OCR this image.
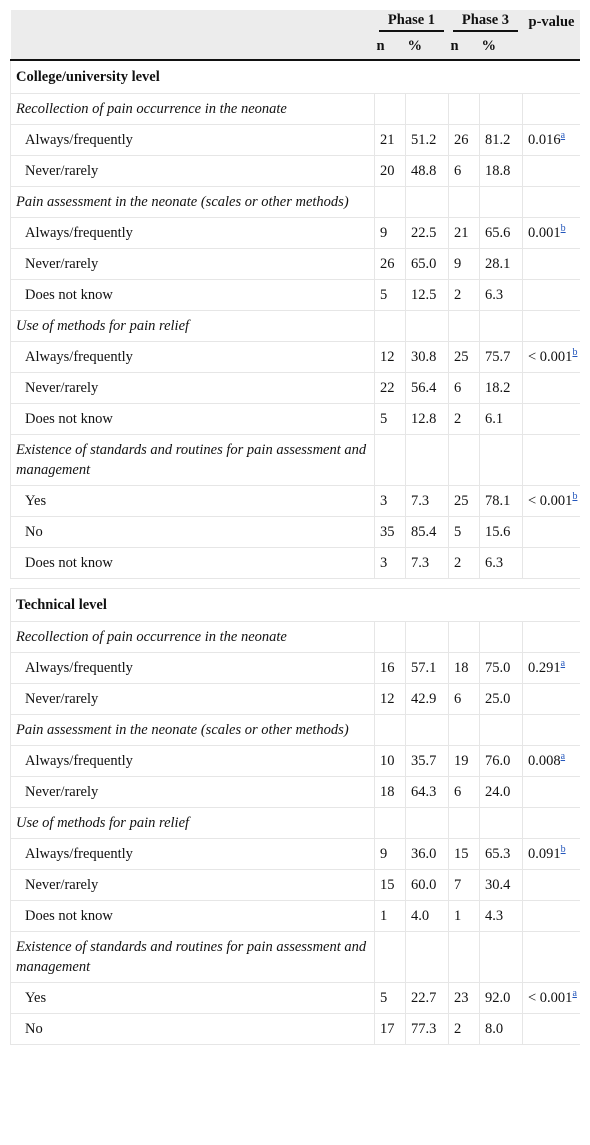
	Phase 1		Phase 3		p-value
	n	%	n	%	
College/university level					
Recollection of pain occurrence in the neonate					
Always/frequently	21	51.2	26	81.2	0.016$^a$
Never/rarely	20	48.8	6	18.8	
Pain assessment in the neonate (scales or other methods)					
Always/frequently	9	22.5	21	65.6	0.001$^b$
Never/rarely	26	65.0	9	28.1	
Does not know	5	12.5	2	6.3	
Use of methods for pain relief					
Always/frequently	12	30.8	25	75.7	< 0.001$^b$
Never/rarely	22	56.4	6	18.2	
Does not know	5	12.8	2	6.1	
Existence of standards and routines for pain assessment and management					
Yes	3	7.3	25	78.1	< 0.001$^b$
No	35	85.4	5	15.6	
Does not know	3	7.3	2	6.3	

Technical level					
Recollection of pain occurrence in the neonate					
Always/frequently	16	57.1	18	75.0	0.291$^a$
Never/rarely	12	42.9	6	25.0	
Pain assessment in the neonate (scales or other methods)					
Always/frequently	10	35.7	19	76.0	0.008$^a$
Never/rarely	18	64.3	6	24.0	
Use of methods for pain relief					
Always/frequently	9	36.0	15	65.3	0.091$^b$
Never/rarely	15	60.0	7	30.4	
Does not know	1	4.0	1	4.3	
Existence of standards and routines for pain assessment and management					
Yes	5	22.7	23	92.0	< 0.001$^a$
No	17	77.3	2	8.0	
